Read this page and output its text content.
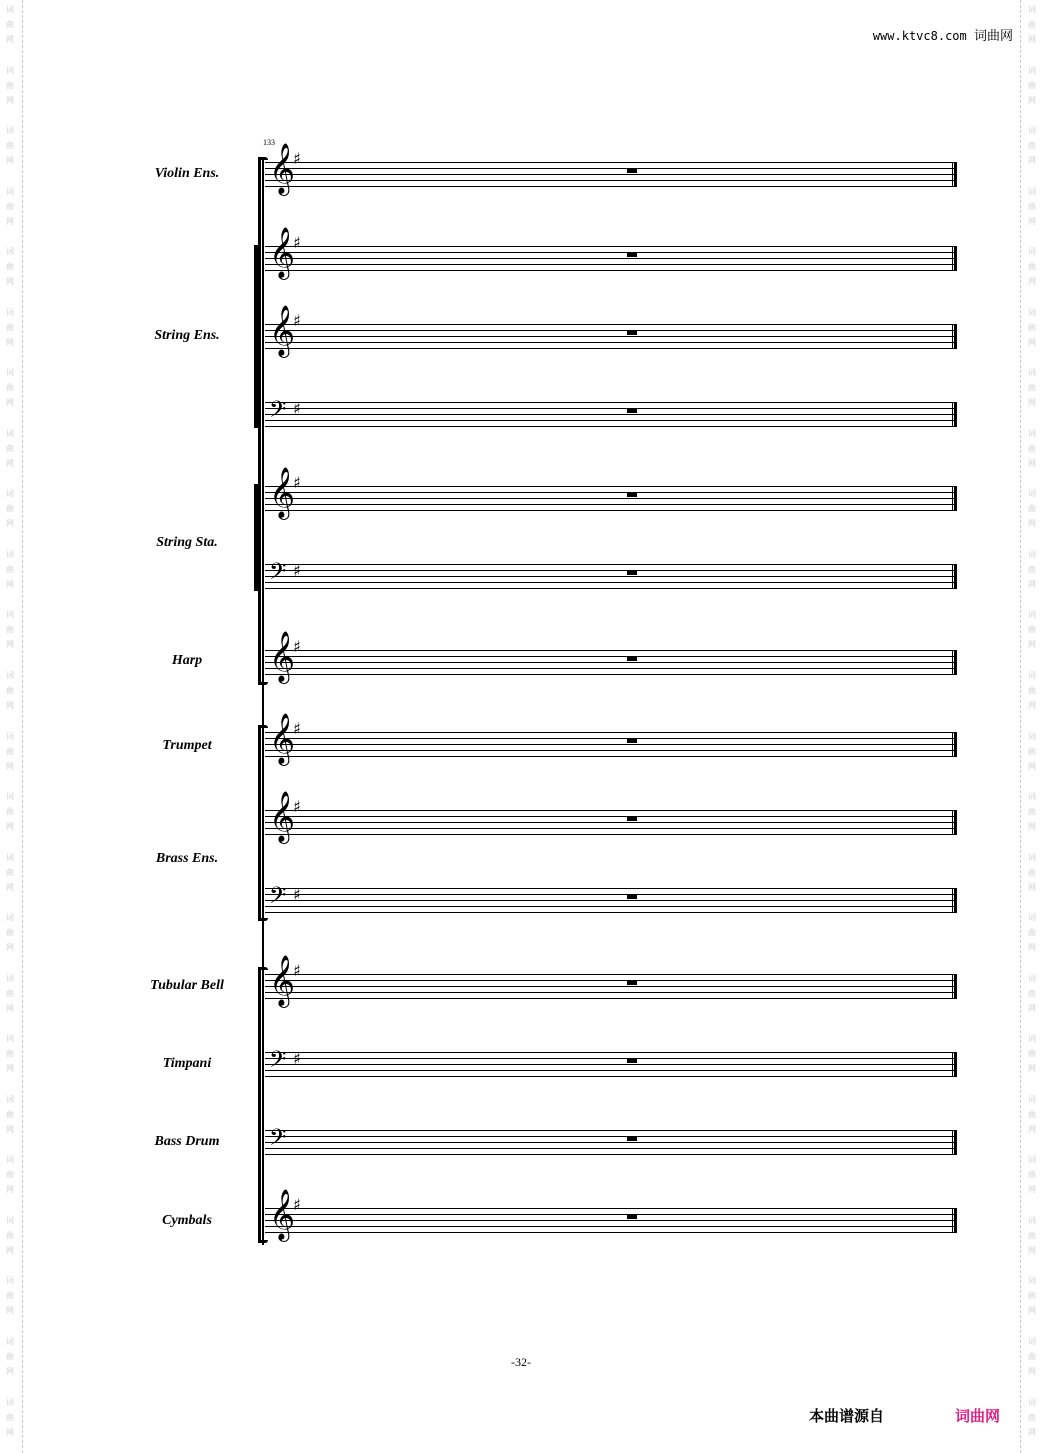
词
曲
网
词
曲
网
词
曲
网
词
曲
网
词
曲
网
词
曲
网
词
曲
网
词
曲
网
词
曲
网
词
曲
网
词
曲
网
词
曲
网
词
曲
网
词
曲
网
词
曲
网
词
曲
网
词
曲
网
词
曲
网
词
曲
网
词
曲
网
词
曲
网
词
曲
网
词
曲
网
词
曲
网
词
曲
网
词
曲
网
词
曲
网
词
曲
网
词
曲
网
词
曲
网
词
曲
网
词
曲
网
词
曲
网
词
曲
网
词
曲
网
词
曲
网
词
曲
网
词
曲
网
词
曲
网
词
曲
网
词
曲
网
词
曲
网
词
曲
网
词
曲
网
词
曲
网
词
曲
网
词
曲
网
词
曲
网
www.ktvc8.com 词曲网
133
Violin Ens.
String Ens.
String Sta.
Harp
Trumpet
Brass Ens.
Tubular Bell
Timpani
Bass Drum
Cymbals
𝄞
♯
𝄞
♯
𝄞
♯
𝄢 ♯
𝄞
♯
𝄢 ♯
𝄞
♯
𝄞
♯
𝄞
♯
𝄢 ♯
𝄞
♯
𝄢 ♯
𝄢
𝄞
♯
-32-
本曲谱源自	词曲网
